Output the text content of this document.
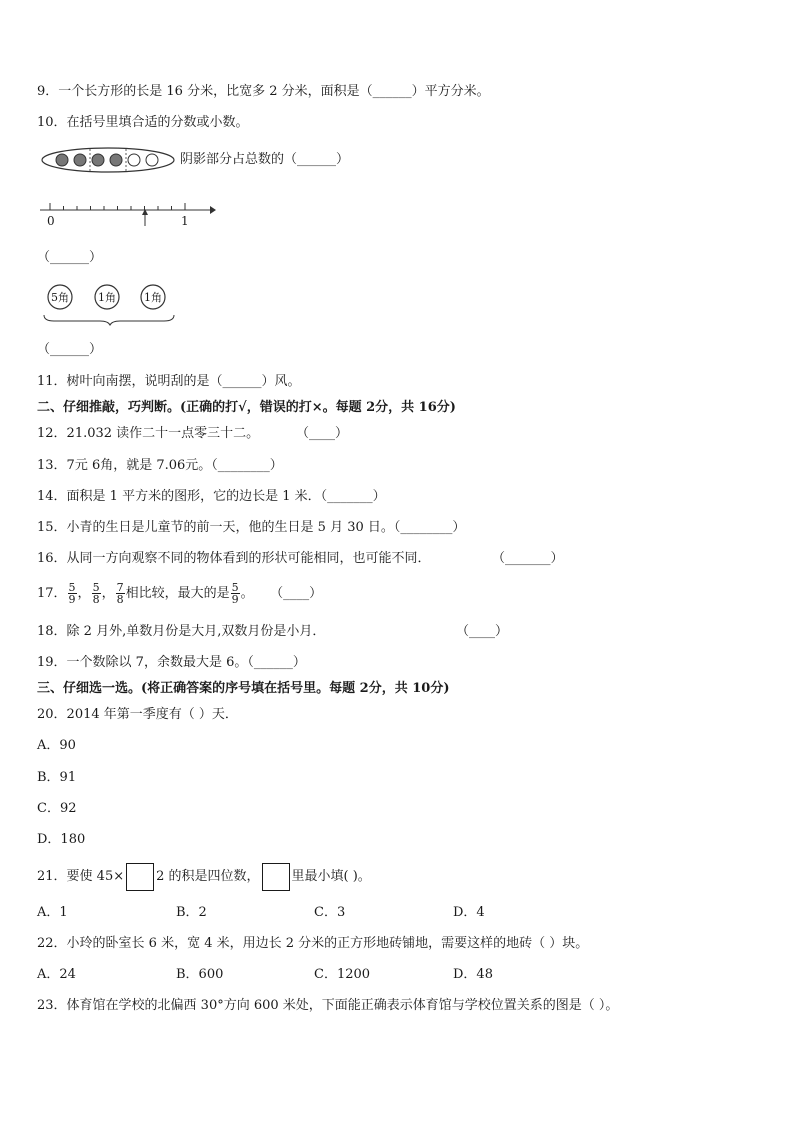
9．一个长方形的长是 16 分米，比宽多 2 分米，面积是（______）平方分米。
10．在括号里填合适的分数或小数。
阴影部分占总数的（______）
0	1
（______）
5角	1角	1角
（______）
11．树叶向南摆，说明刮的是（______）风。
二、仔细推敲，巧判断。(正确的打√，错误的打×。每题 2分，共 16分)
12．21.032 读作二十一点零三十二。	（____）
13．7元 6角，就是 7.06元。（________）
14．面积是 1 平方米的图形，它的边长是 1 米．（_______）
15．小青的生日是儿童节的前一天，他的生日是 5 月 30 日。（________）
16．从同一方向观察不同的物体看到的形状可能相同，也可能不同．	（_______）
17． $\frac{5}{9}$ ， $\frac{5}{8}$ ， $\frac{7}{8}$ 相比较，最大的是 $\frac{5}{9}$ 。 （____）
18．除 2 月外,单数月份是大月,双数月份是小月．	（____）
19．一个数除以 7，余数最大是 6。（______）
三、仔细选一选。(将正确答案的序号填在括号里。每题 2分，共 10分)
20．2014 年第一季度有（ ）天．
A．90
B．91
C．92
D．180
21．要使 45× 2 的积是四位数， 里最小填( )。
A．1	B．2	C．3	D．4
22．小玲的卧室长 6 米，宽 4 米，用边长 2 分米的正方形地砖铺地，需要这样的地砖（ ）块。
A．24	B．600	C．1200	D．48
23．体育馆在学校的北偏西 30°方向 600 米处，下面能正确表示体育馆与学校位置关系的图是（ ）。
